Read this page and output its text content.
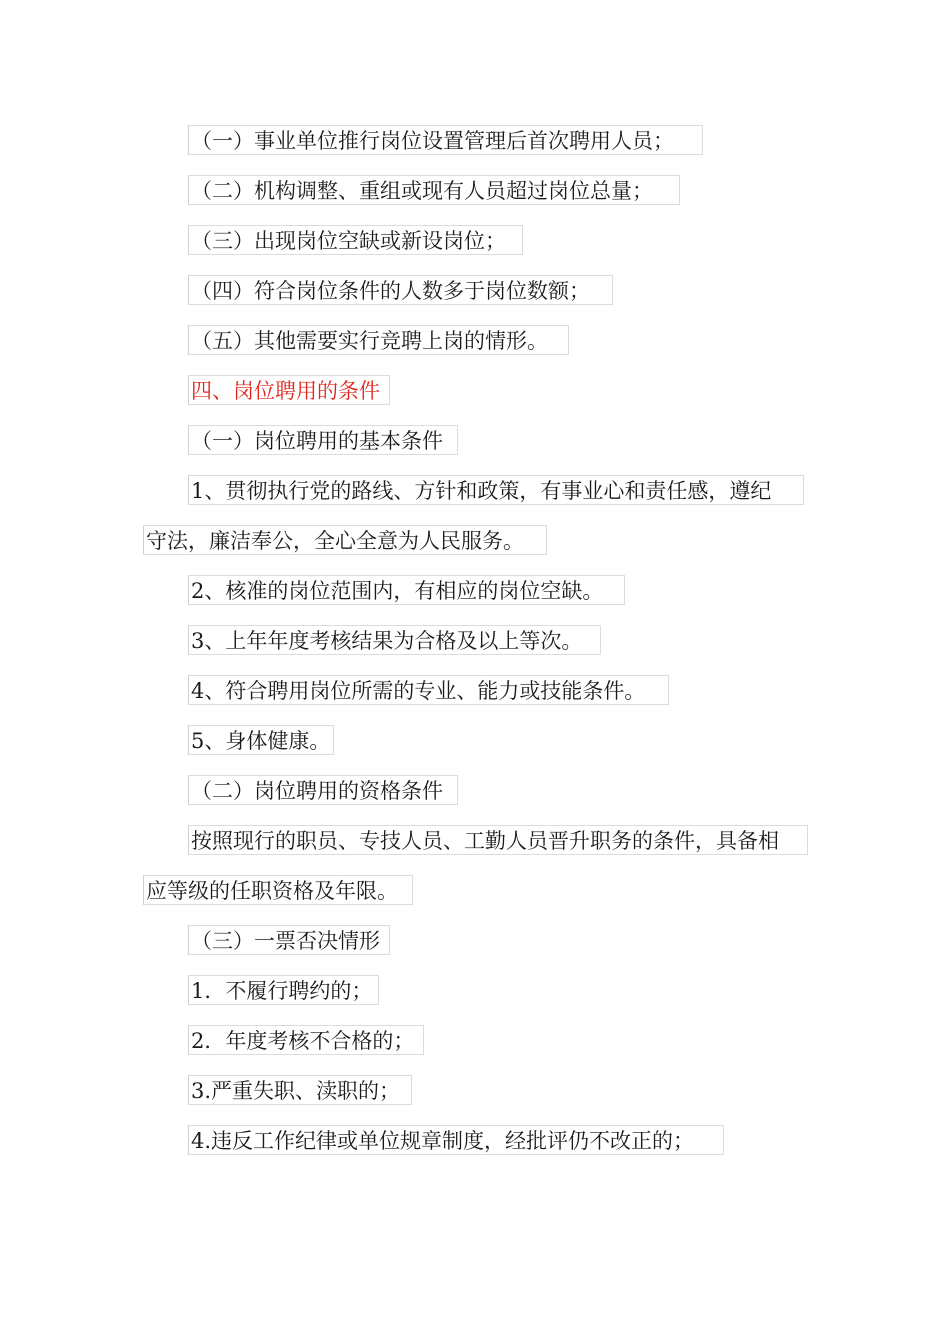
（一）事业单位推行岗位设置管理后首次聘用人员；
（二）机构调整、重组或现有人员超过岗位总量；
（三）出现岗位空缺或新设岗位；
（四）符合岗位条件的人数多于岗位数额；
（五）其他需要实行竞聘上岗的情形。
四、岗位聘用的条件
（一）岗位聘用的基本条件
1、贯彻执行党的路线、方针和政策，有事业心和责任感，遵纪
守法，廉洁奉公，全心全意为人民服务。
2、核准的岗位范围内，有相应的岗位空缺。
3、上年年度考核结果为合格及以上等次。
4、符合聘用岗位所需的专业、能力或技能条件。
5、身体健康。
（二）岗位聘用的资格条件
按照现行的职员、专技人员、工勤人员晋升职务的条件，具备相
应等级的任职资格及年限。
（三）一票否决情形
1．不履行聘约的；
2．年度考核不合格的；
3.严重失职、渎职的；
4.违反工作纪律或单位规章制度，经批评仍不改正的；
